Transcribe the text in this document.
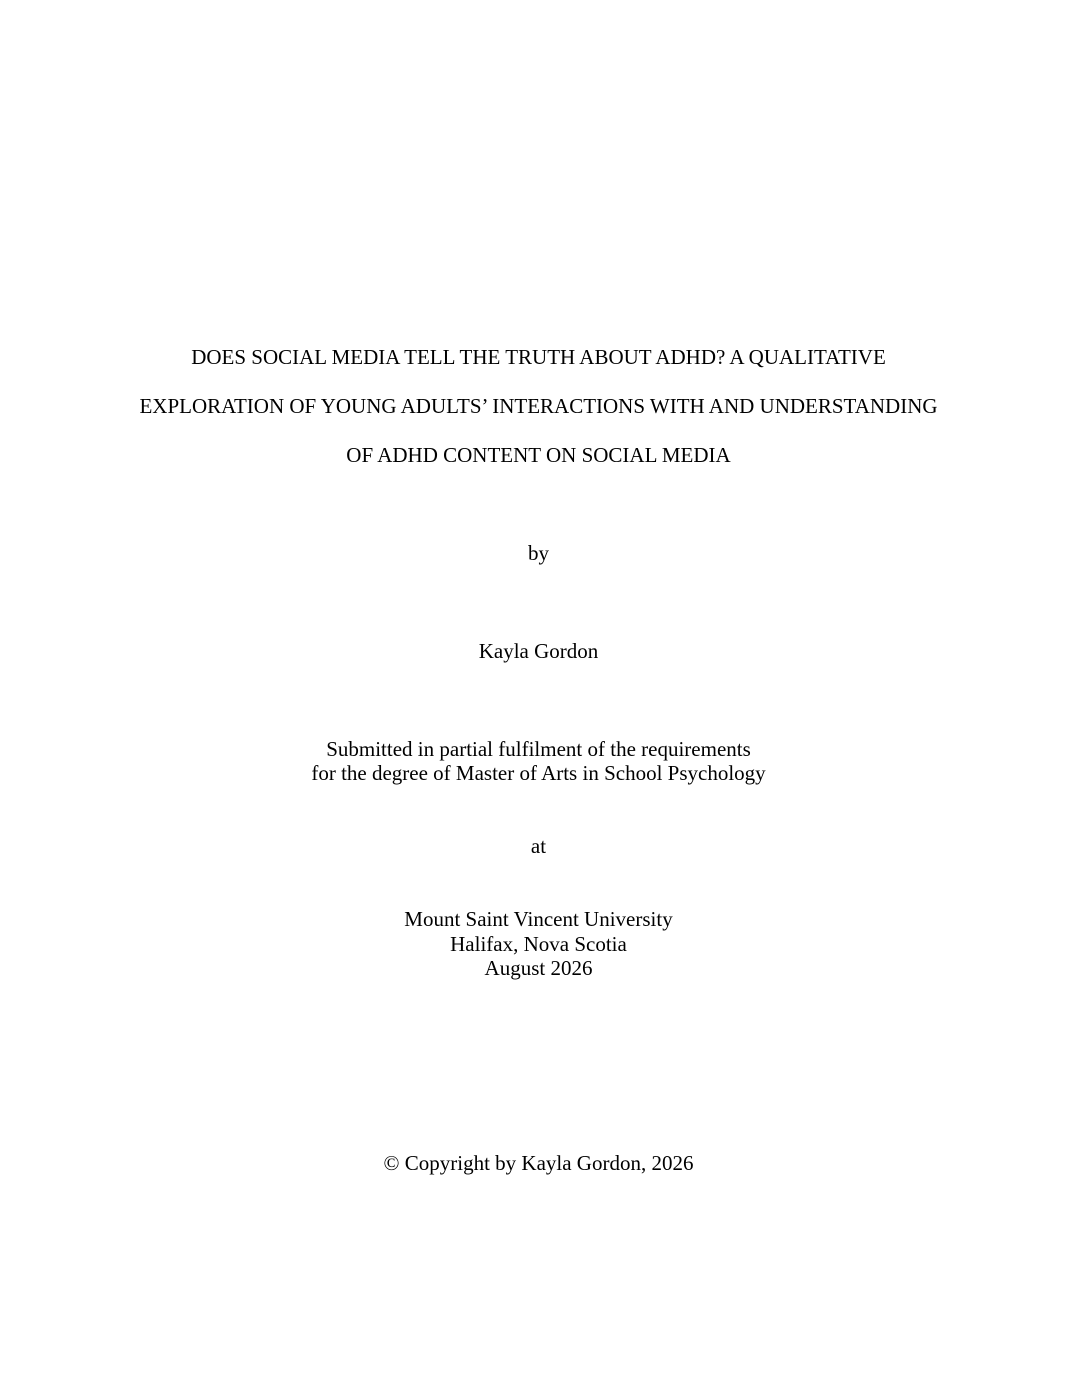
DOES SOCIAL MEDIA TELL THE TRUTH ABOUT ADHD? A QUALITATIVE
EXPLORATION OF YOUNG ADULTS’ INTERACTIONS WITH AND UNDERSTANDING
OF ADHD CONTENT ON SOCIAL MEDIA
by
Kayla Gordon
Submitted in partial fulfilment of the requirements
for the degree of Master of Arts in School Psychology
at
Mount Saint Vincent University
Halifax, Nova Scotia
August 2026
© Copyright by Kayla Gordon, 2026
